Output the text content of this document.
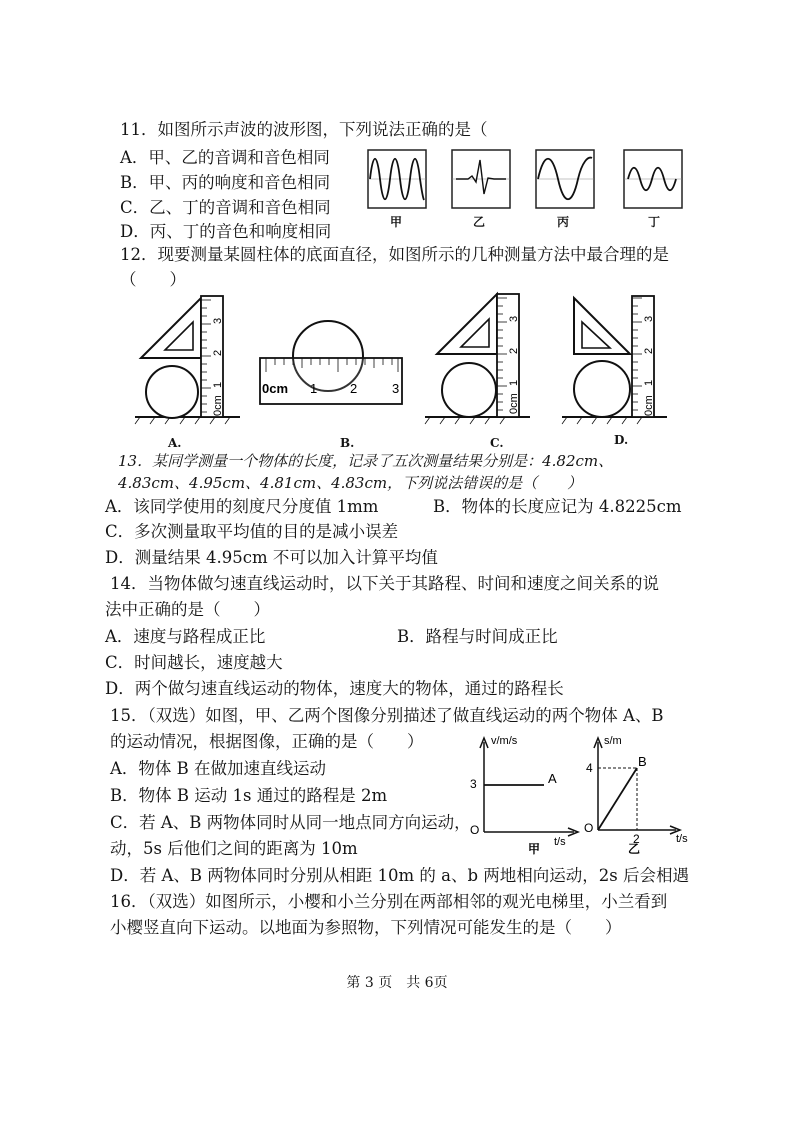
11．如图所示声波的波形图，下列说法正确的是（
A．甲、乙的音调和音色相同
B．甲、丙的响度和音色相同
C．乙、丁的音调和音色相同
D．丙、丁的音色和响度相同	甲	乙	丙	丁
12．现要测量某圆柱体的底面直径，如图所示的几种测量方法中最合理的是
（　　）
0cm
1
2
3
0cm 1	2	3
0cm
1
2
3
0cm
1
2
3
A.	B.	C.	D.
13．某同学测量一个物体的长度，记录了五次测量结果分别是：4.82cm、
4.83cm、4.95cm、4.81cm、4.83cm，下列说法错误的是（　　）
A．该同学使用的刻度尺分度值 1mm	B．物体的长度应记为 4.8225cm
C．多次测量取平均值的目的是减小误差
D．测量结果 4.95cm 不可以加入计算平均值
14．当物体做匀速直线运动时，以下关于其路程、时间和速度之间关系的说
法中正确的是（　　）
A．速度与路程成正比	B．路程与时间成正比
C．时间越长，速度越大
D．两个做匀速直线运动的物体，速度大的物体，通过的路程长
15．（双选）如图，甲、乙两个图像分别描述了做直线运动的两个物体 A、B
的运动情况，根据图像，正确的是（　　）
A．物体 B 在做加速直线运动
B．物体 B 运动 1s 通过的路程是 2m
C．若 A、B 两物体同时从同一地点同方向运动，
动，5s 后他们之间的距离为 10m
D．若 A、B 两物体同时分别从相距 10m 的 a、b 两地相向运动，2s 后会相遇
v/m/s
3	A
O
t/s
甲
s/m
4	B
O
2	t/s
乙
16．（双选）如图所示，小樱和小兰分别在两部相邻的观光电梯里，小兰看到
小樱竖直向下运动。以地面为参照物，下列情况可能发生的是（　　）
第 3 页　共 6页
